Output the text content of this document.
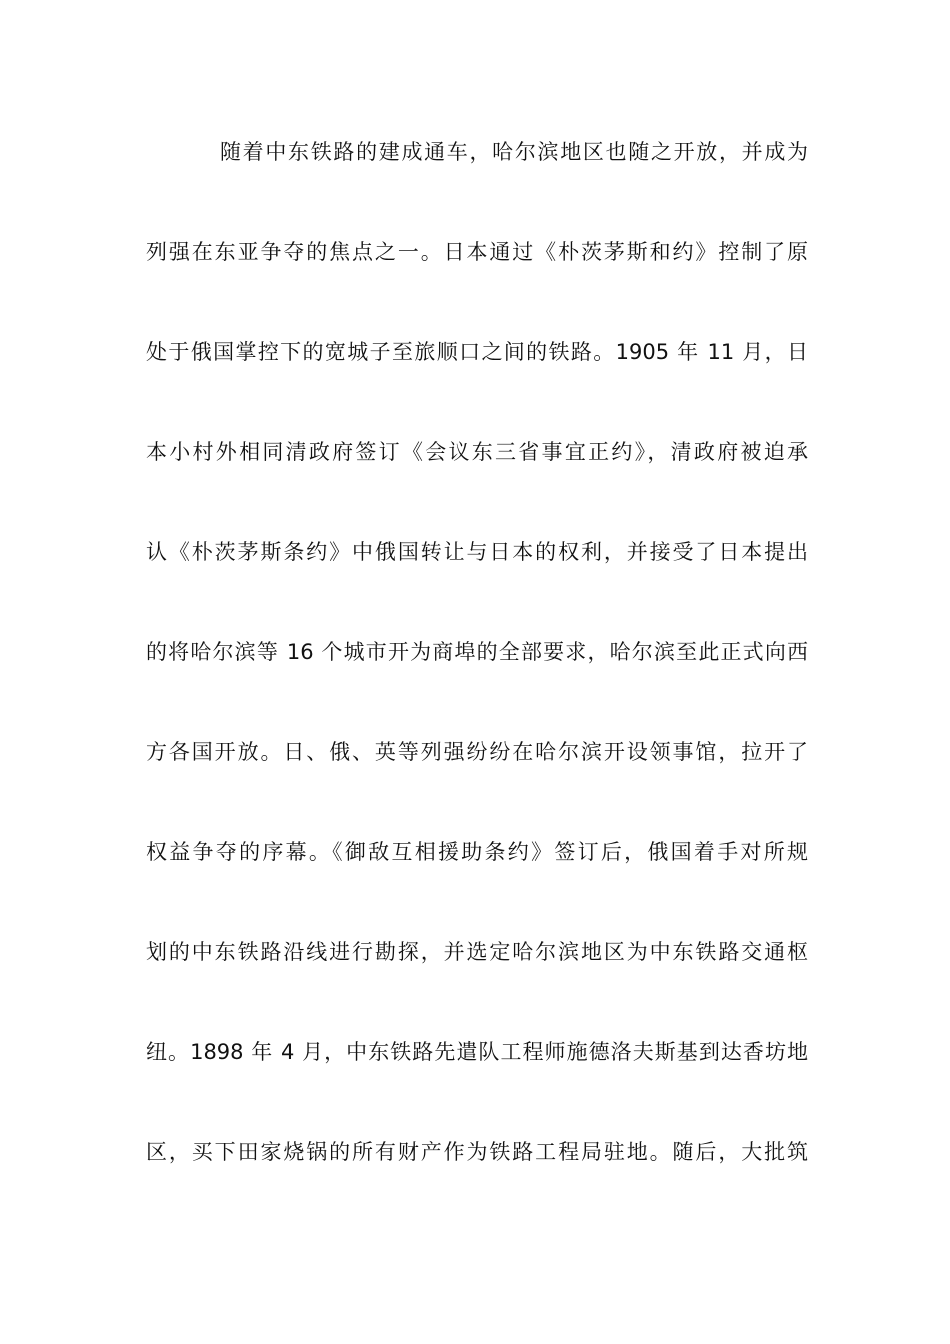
随着中东铁路的建成通车，哈尔滨地区也随之开放，并成为
列强在东亚争夺的焦点之一。日本通过《朴茨茅斯和约》控制了原
处于俄国掌控下的宽城子至旅顺口之间的铁路。1905 年 11 月，日
本小村外相同清政府签订《会议东三省事宜正约》，清政府被迫承
认《朴茨茅斯条约》中俄国转让与日本的权利，并接受了日本提出
的将哈尔滨等 16 个城市开为商埠的全部要求，哈尔滨至此正式向西
方各国开放。日、俄、英等列强纷纷在哈尔滨开设领事馆，拉开了
权益争夺的序幕。《御敌互相援助条约》签订后，俄国着手对所规
划的中东铁路沿线进行勘探，并选定哈尔滨地区为中东铁路交通枢
纽。1898 年 4 月，中东铁路先遣队工程师施德洛夫斯基到达香坊地
区，买下田家烧锅的所有财产作为铁路工程局驻地。随后，大批筑
